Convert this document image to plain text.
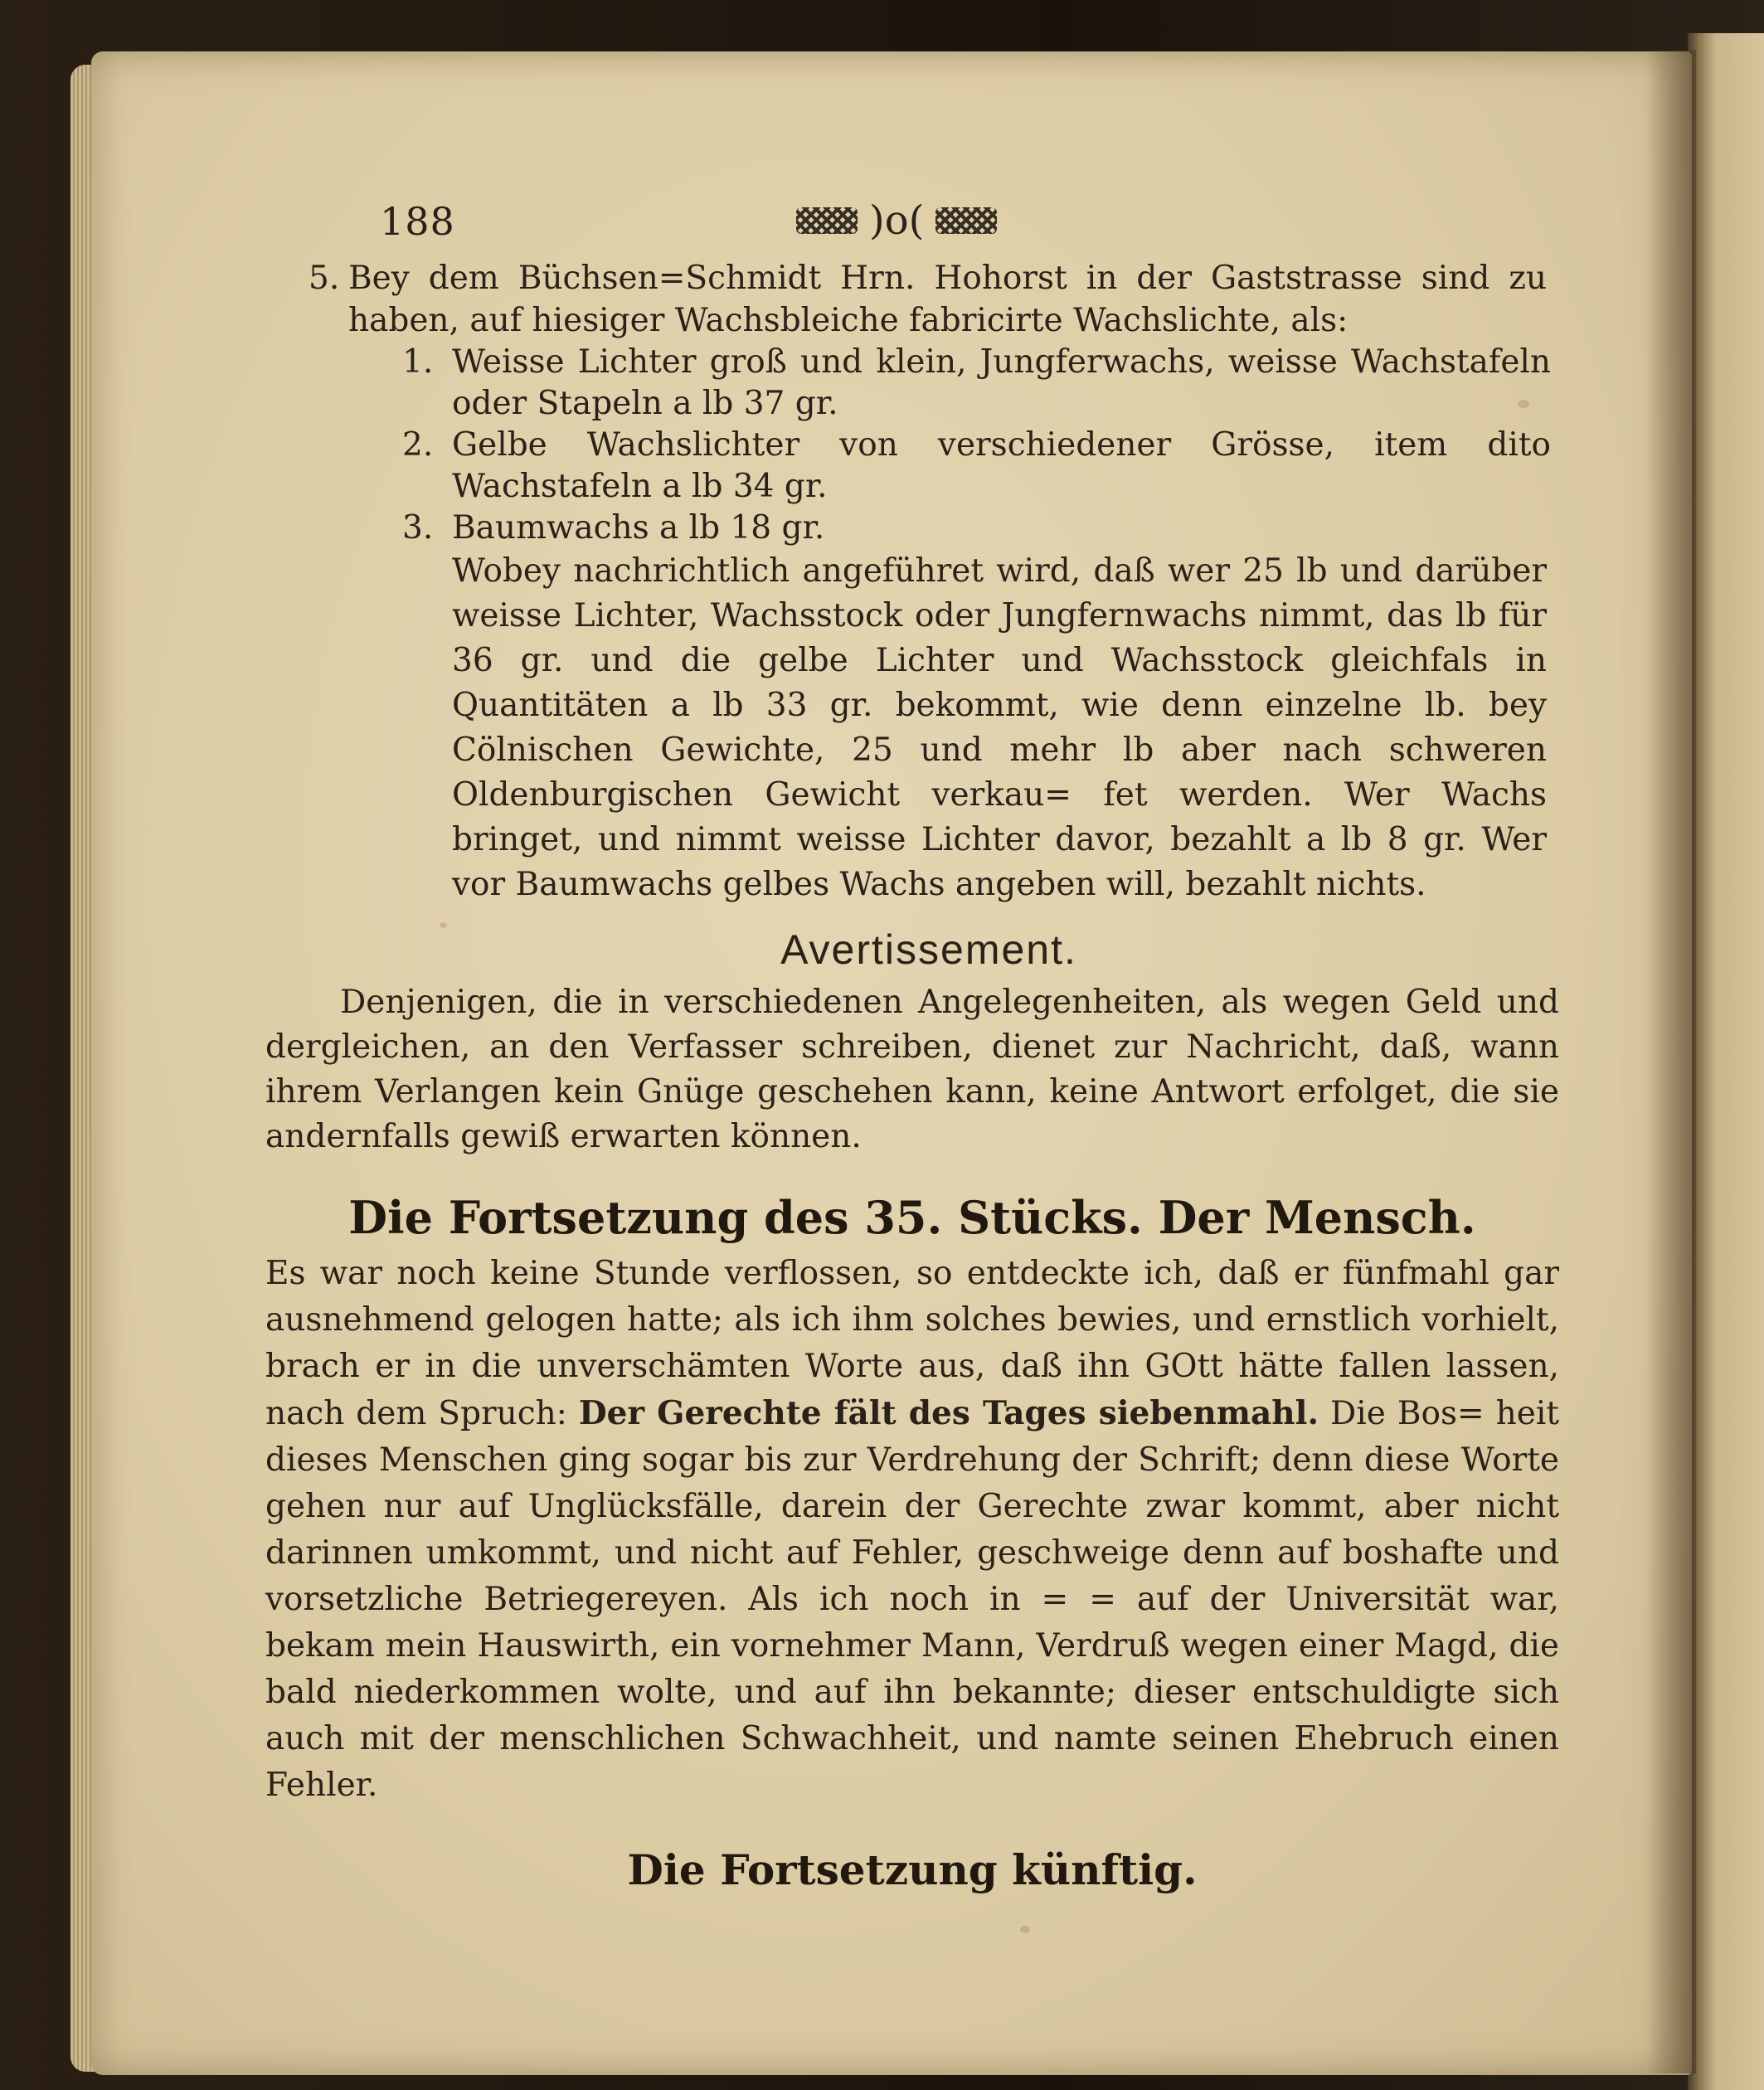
188	)o(
5. Bey dem Büchsen=Schmidt Hrn. Hohorst in der Gaststrasse sind zu haben, auf hiesiger Wachsbleiche fabricirte Wachslichte, als:
1. Weisse Lichter groß und klein, Jungferwachs, weisse Wachstafeln oder Stapeln a lb 37 gr.
2. Gelbe Wachslichter von verschiedener Grösse, item dito Wachstafeln a lb 34 gr.
3. Baumwachs a lb 18 gr.
Wobey nachrichtlich angeführet wird, daß wer 25 lb und darüber weisse Lichter, Wachsstock oder Jungfernwachs nimmt, das lb für 36 gr. und die gelbe Lichter und Wachsstock gleichfals in Quantitäten a lb 33 gr. bekommt, wie denn einzelne lb. bey Cölnischen Gewichte, 25 und mehr lb aber nach schweren Oldenburgischen Gewicht verkau= fet werden. Wer Wachs bringet, und nimmt weisse Lichter davor, bezahlt a lb 8 gr. Wer vor Baumwachs gelbes Wachs angeben will, bezahlt nichts.
Avertissement.
Denjenigen, die in verschiedenen Angelegenheiten, als wegen Geld und dergleichen, an den Verfasser schreiben, dienet zur Nachricht, daß, wann ihrem Verlangen kein Gnüge geschehen kann, keine Antwort erfolget, die sie andernfalls gewiß erwarten können.
Die Fortsetzung des 35. Stücks. Der Mensch.
Es war noch keine Stunde verflossen, so entdeckte ich, daß er fünfmahl gar ausnehmend gelogen hatte; als ich ihm solches bewies, und ernstlich vorhielt, brach er in die unverschämten Worte aus, daß ihn GOtt hätte fallen lassen, nach dem Spruch: Der Gerechte fält des Tages siebenmahl. Die Bos= heit dieses Menschen ging sogar bis zur Verdrehung der Schrift; denn diese Worte gehen nur auf Unglücksfälle, darein der Gerechte zwar kommt, aber nicht darinnen umkommt, und nicht auf Fehler, geschweige denn auf boshafte und vorsetzliche Betriegereyen. Als ich noch in = = auf der Universität war, bekam mein Hauswirth, ein vornehmer Mann, Verdruß wegen einer Magd, die bald niederkommen wolte, und auf ihn bekannte; dieser entschuldigte sich auch mit der menschlichen Schwachheit, und namte seinen Ehebruch einen Fehler.
Die Fortsetzung künftig.
